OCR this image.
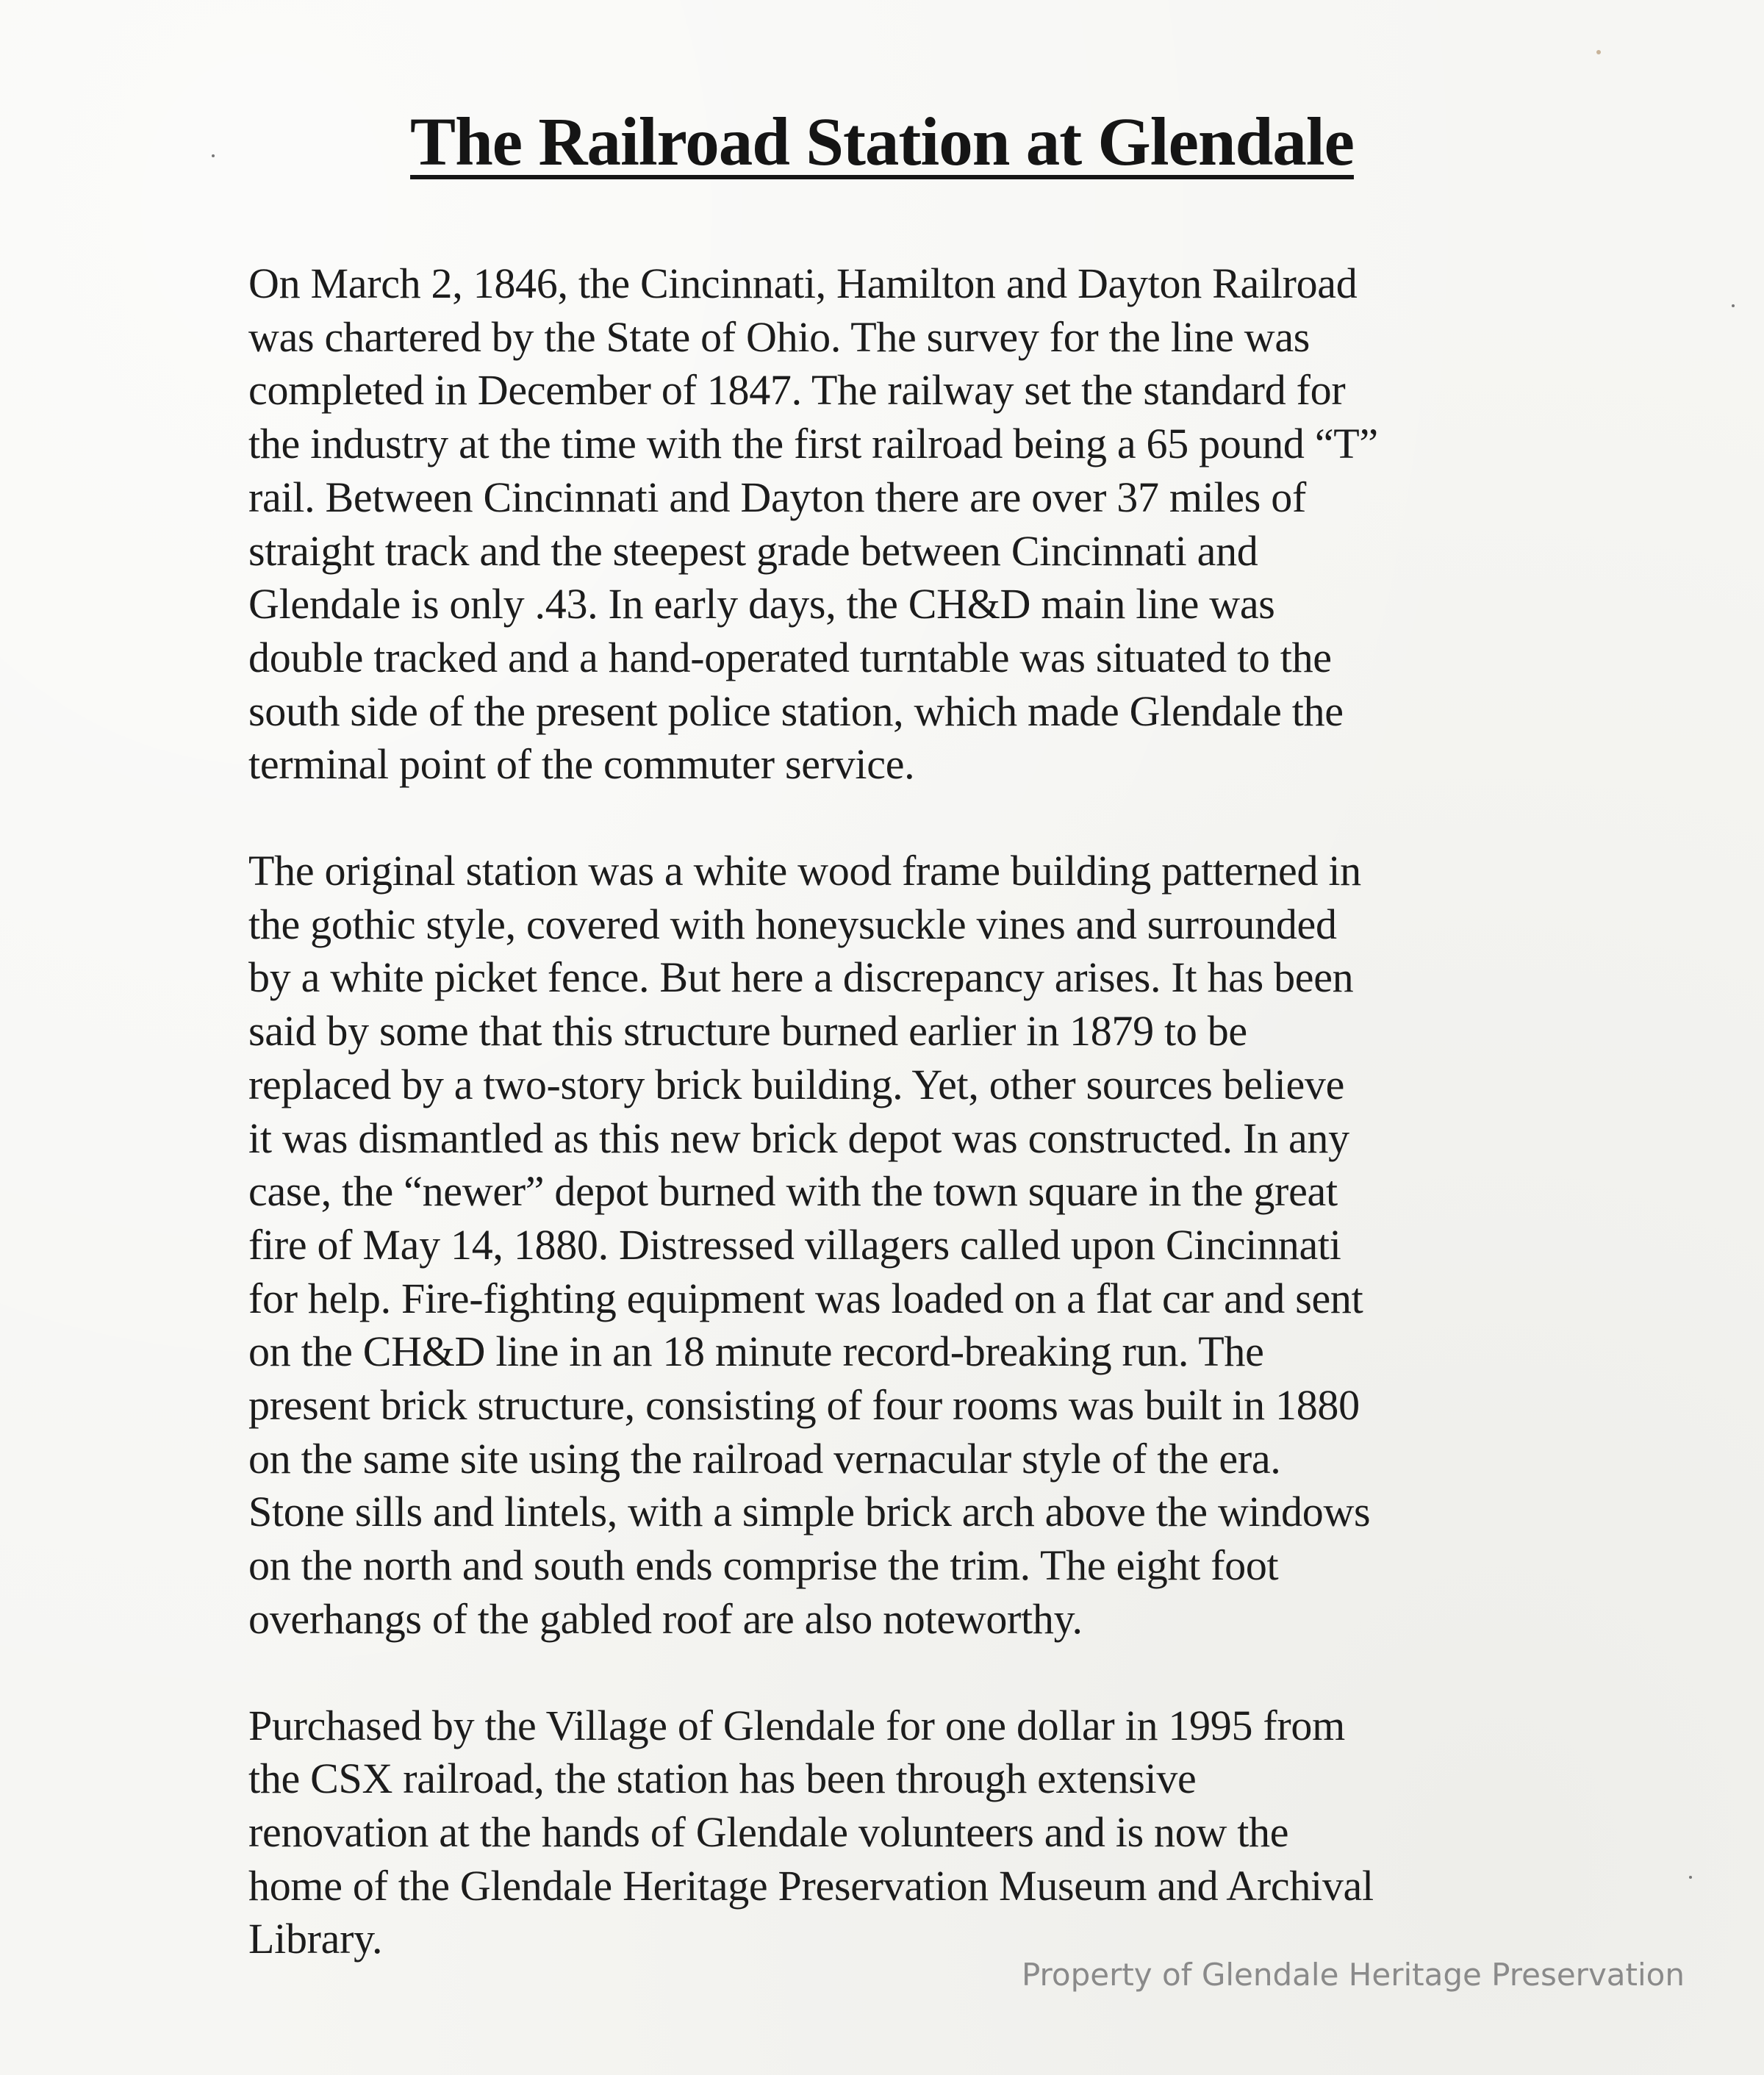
The Railroad Station at Glendale
On March 2, 1846, the Cincinnati, Hamilton and Dayton Railroad
was chartered by the State of Ohio. The survey for the line was
completed in December of 1847. The railway set the standard for
the industry at the time with the first railroad being a 65 pound “T”
rail. Between Cincinnati and Dayton there are over 37 miles of
straight track and the steepest grade between Cincinnati and
Glendale is only .43. In early days, the CH&D main line was
double tracked and a hand-operated turntable was situated to the
south side of the present police station, which made Glendale the
terminal point of the commuter service.
The original station was a white wood frame building patterned in
the gothic style, covered with honeysuckle vines and surrounded
by a white picket fence. But here a discrepancy arises. It has been
said by some that this structure burned earlier in 1879 to be
replaced by a two-story brick building. Yet, other sources believe
it was dismantled as this new brick depot was constructed. In any
case, the “newer” depot burned with the town square in the great
fire of May 14, 1880. Distressed villagers called upon Cincinnati
for help. Fire-fighting equipment was loaded on a flat car and sent
on the CH&D line in an 18 minute record-breaking run. The
present brick structure, consisting of four rooms was built in 1880
on the same site using the railroad vernacular style of the era.
Stone sills and lintels, with a simple brick arch above the windows
on the north and south ends comprise the trim. The eight foot
overhangs of the gabled roof are also noteworthy.
Purchased by the Village of Glendale for one dollar in 1995 from
the CSX railroad, the station has been through extensive
renovation at the hands of Glendale volunteers and is now the
home of the Glendale Heritage Preservation Museum and Archival
Library.
Property of Glendale Heritage Preservation
